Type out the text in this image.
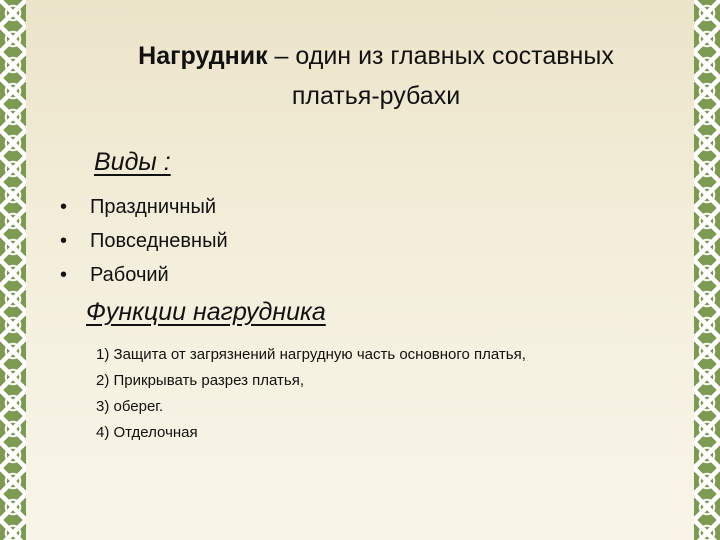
Нагрудник – один из главных составных
платья-рубахи
Виды :
• Праздничный
• Повседневный
• Рабочий
Функции нагрудника
1) Защита от загрязнений нагрудную часть основного платья,
2) Прикрывать разрез платья,
3) оберег.
4) Отделочная
